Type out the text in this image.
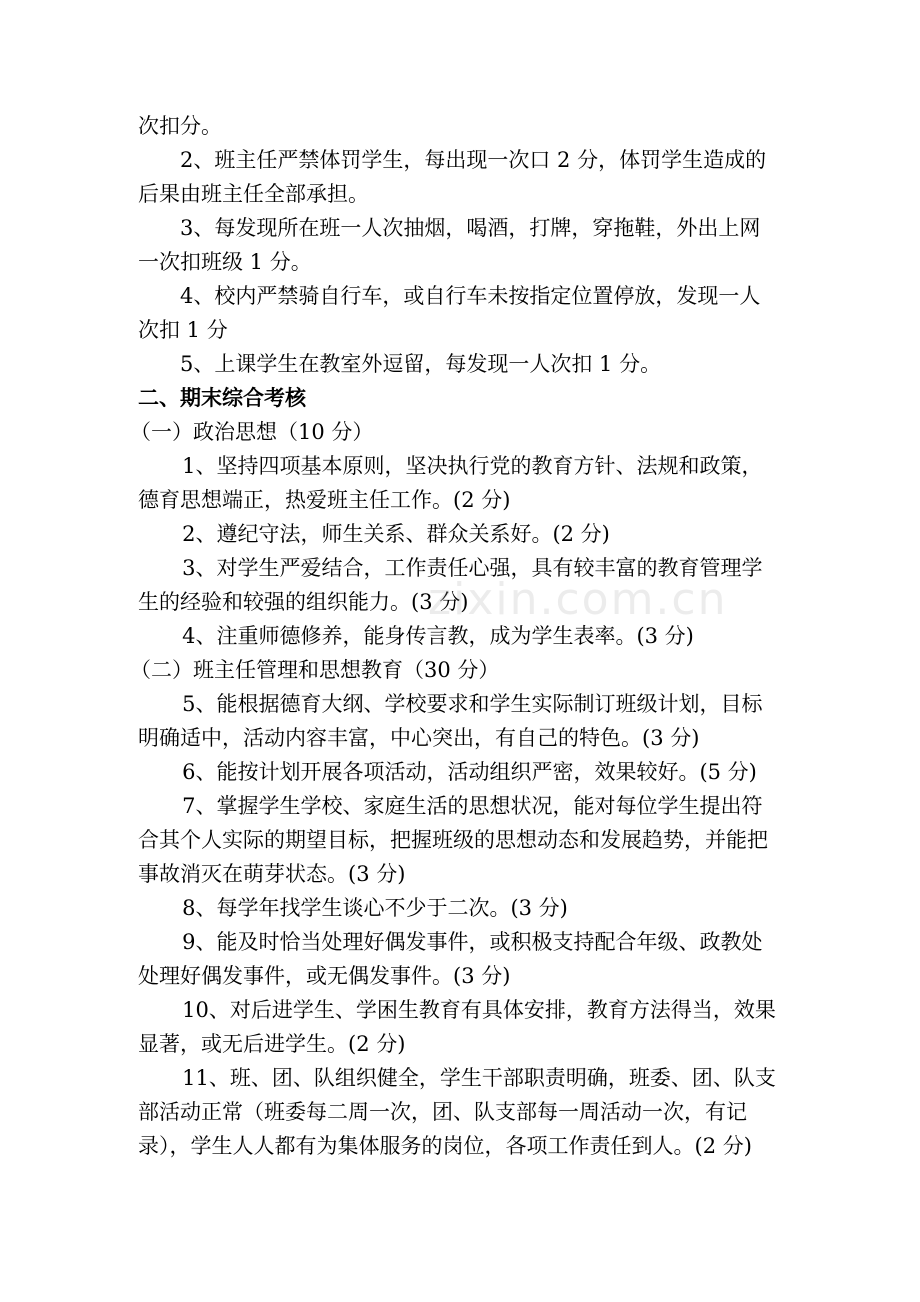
次扣分。

2、班主任严禁体罚学生，每出现一次口 2 分，体罚学生造成的后果由班主任全部承担。

3、每发现所在班一人次抽烟，喝酒，打牌，穿拖鞋，外出上网一次扣班级 1 分。

4、校内严禁骑自行车，或自行车未按指定位置停放，发现一人次扣 1 分

5、上课学生在教室外逗留，每发现一人次扣 1 分。

二、期末综合考核

（一）政治思想（10 分）

1、坚持四项基本原则，坚决执行党的教育方针、法规和政策，德育思想端正，热爱班主任工作。(2 分)

2、遵纪守法，师生关系、群众关系好。(2 分)

3、对学生严爱结合，工作责任心强，具有较丰富的教育管理学生的经验和较强的组织能力。(3 分)

4、注重师德修养，能身传言教，成为学生表率。(3 分)

（二）班主任管理和思想教育（30 分）

5、能根据德育大纲、学校要求和学生实际制订班级计划，目标明确适中，活动内容丰富，中心突出，有自己的特色。(3 分)

6、能按计划开展各项活动，活动组织严密，效果较好。(5 分)

7、掌握学生学校、家庭生活的思想状况，能对每位学生提出符合其个人实际的期望目标，把握班级的思想动态和发展趋势，并能把事故消灭在萌芽状态。(3 分)

8、每学年找学生谈心不少于二次。(3 分)

9、能及时恰当处理好偶发事件，或积极支持配合年级、政教处处理好偶发事件，或无偶发事件。(3 分)

10、对后进学生、学困生教育有具体安排，教育方法得当，效果显著，或无后进学生。(2 分)

11、班、团、队组织健全，学生干部职责明确，班委、团、队支部活动正常（班委每二周一次，团、队支部每一周活动一次，有记录），学生人人都有为集体服务的岗位，各项工作责任到人。(2 分)

zixin.com.cn
